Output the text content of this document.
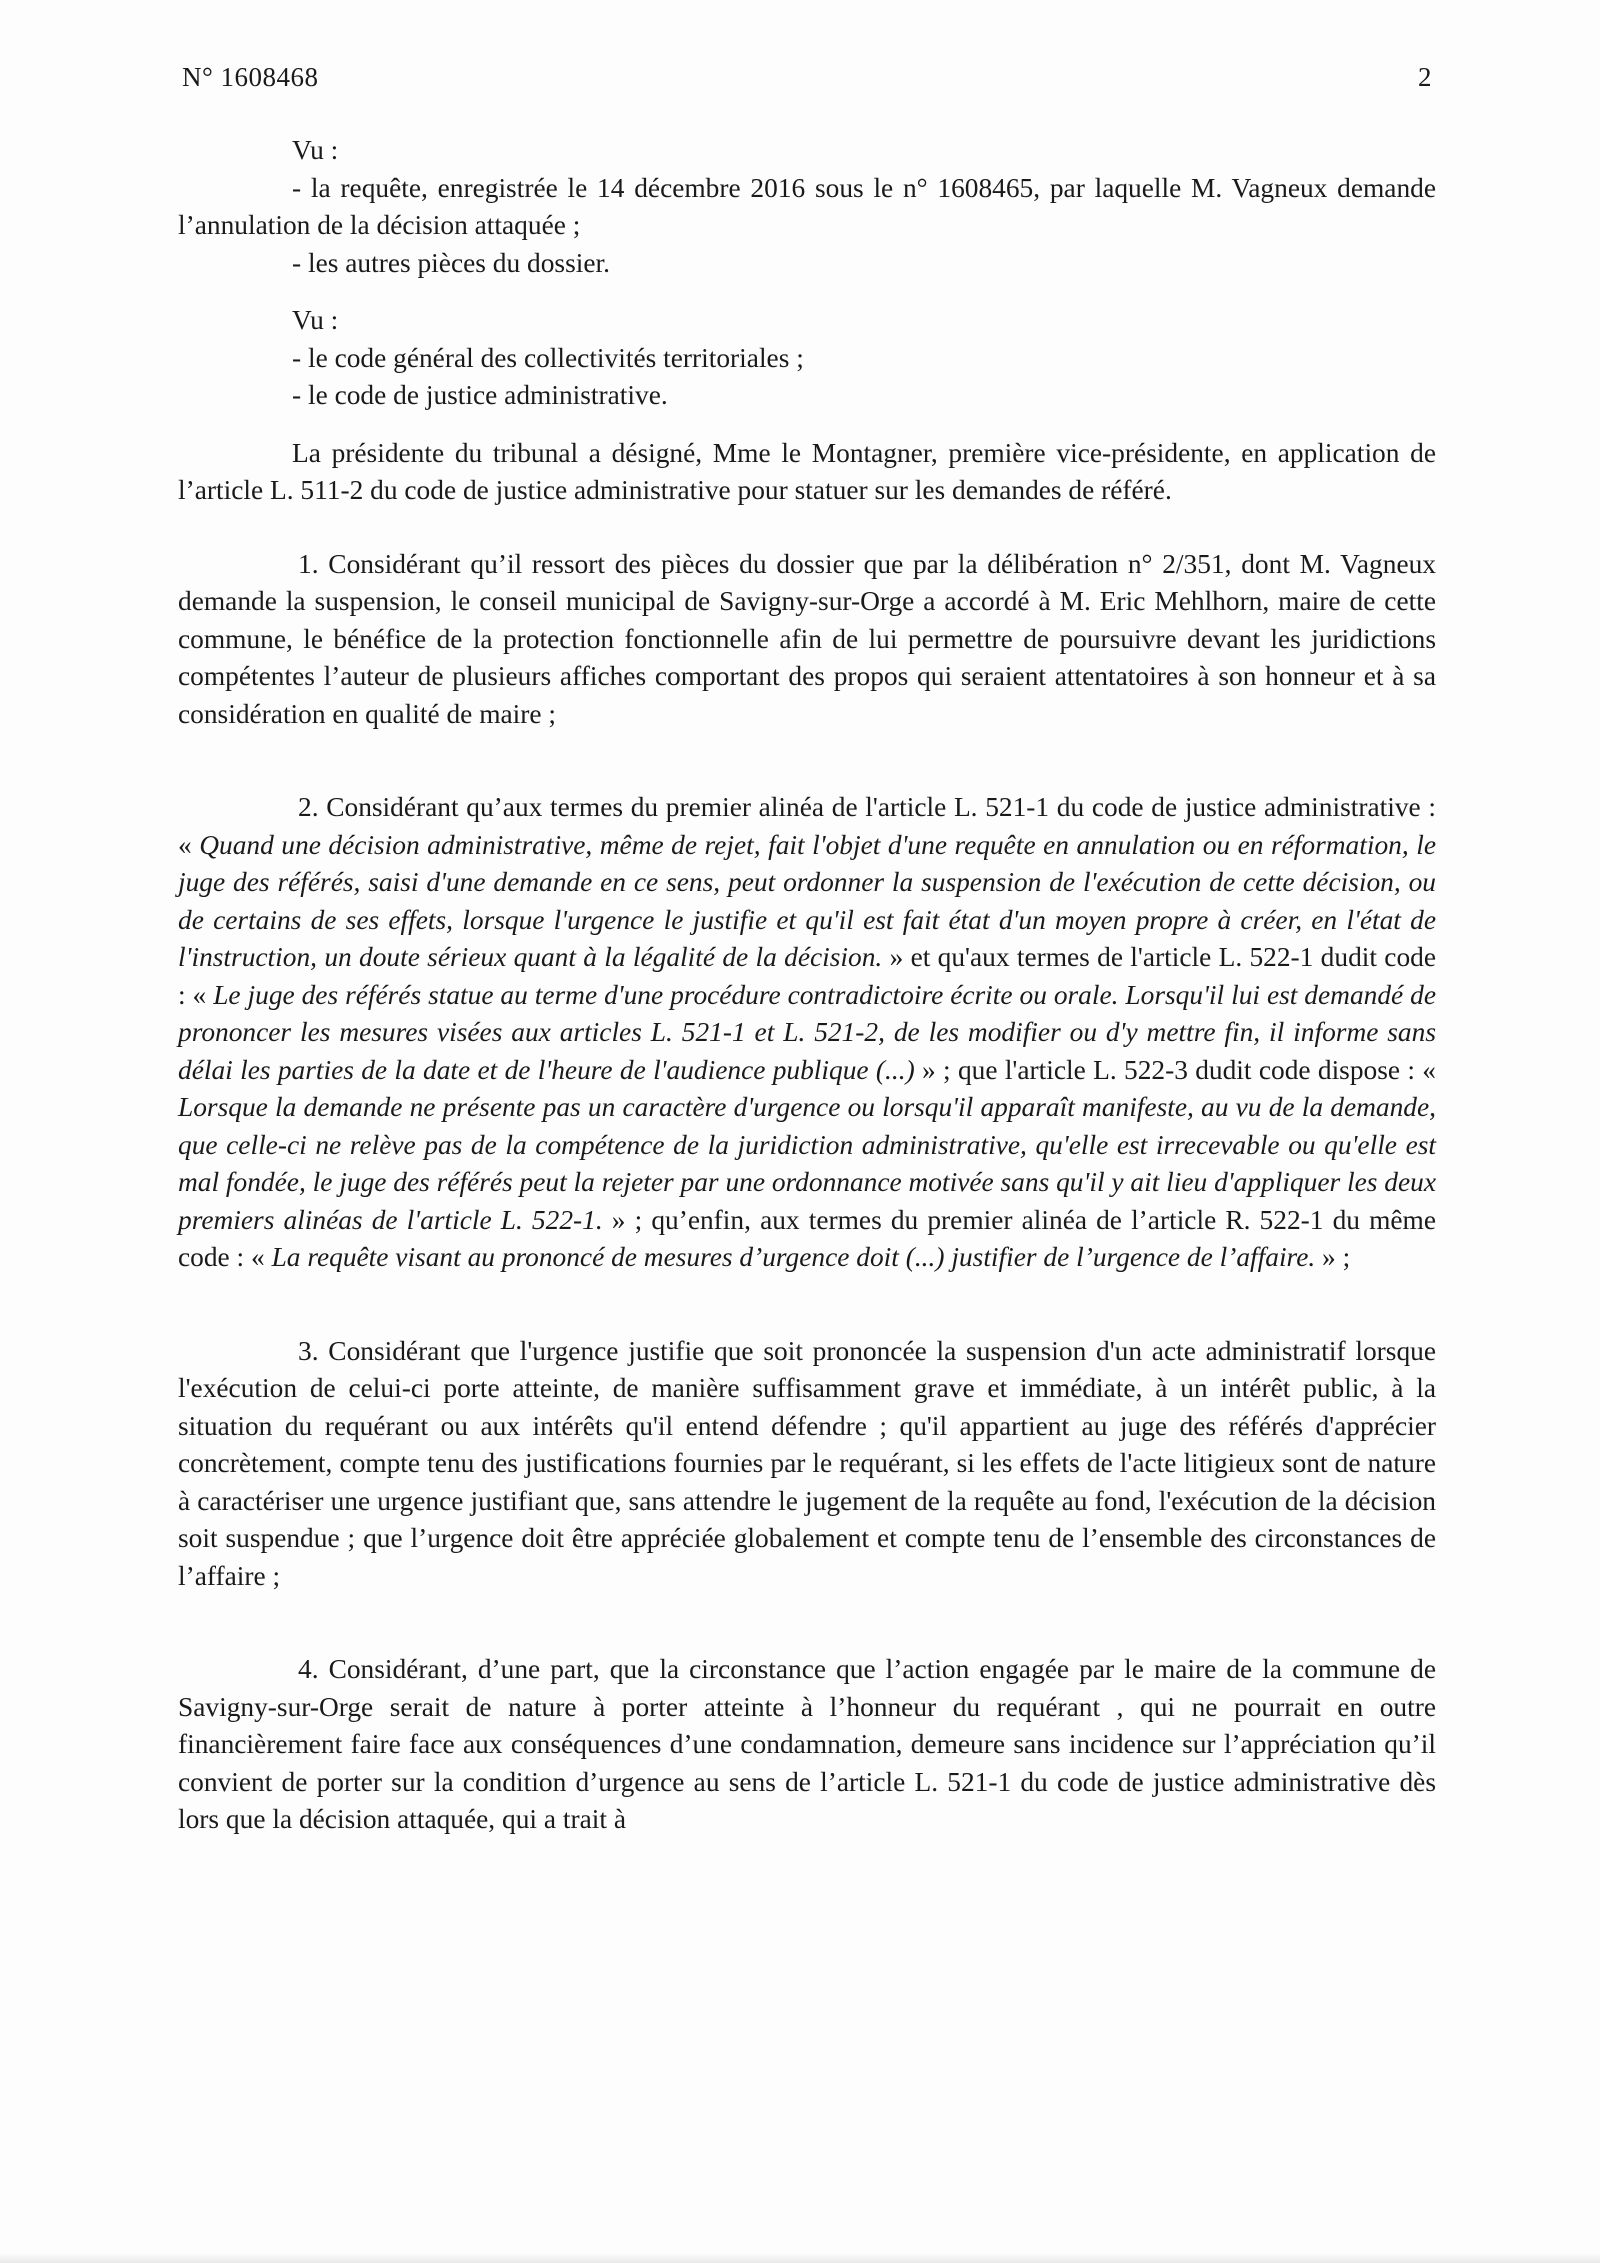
N° 1608468	2

Vu :

- la requête, enregistrée le 14 décembre 2016 sous le n° 1608465, par laquelle M. Vagneux demande l’annulation de la décision attaquée ;

- les autres pièces du dossier.

Vu :

- le code général des collectivités territoriales ;

- le code de justice administrative.

La présidente du tribunal a désigné, Mme le Montagner, première vice-présidente, en application de l’article L. 511-2 du code de justice administrative pour statuer sur les demandes de référé.

1. Considérant qu’il ressort des pièces du dossier que par la délibération n° 2/351, dont M. Vagneux demande la suspension, le conseil municipal de Savigny-sur-Orge a accordé à M. Eric Mehlhorn, maire de cette commune, le bénéfice de la protection fonctionnelle afin de lui permettre de poursuivre devant les juridictions compétentes l’auteur de plusieurs affiches comportant des propos qui seraient attentatoires à son honneur et à sa considération en qualité de maire ;

2. Considérant qu’aux termes du premier alinéa de l'article L. 521-1 du code de justice administrative : « Quand une décision administrative, même de rejet, fait l'objet d'une requête en annulation ou en réformation, le juge des référés, saisi d'une demande en ce sens, peut ordonner la suspension de l'exécution de cette décision, ou de certains de ses effets, lorsque l'urgence le justifie et qu'il est fait état d'un moyen propre à créer, en l'état de l'instruction, un doute sérieux quant à la légalité de la décision. » et qu'aux termes de l'article L. 522-1 dudit code : « Le juge des référés statue au terme d'une procédure contradictoire écrite ou orale. Lorsqu'il lui est demandé de prononcer les mesures visées aux articles L. 521-1 et L. 521-2, de les modifier ou d'y mettre fin, il informe sans délai les parties de la date et de l'heure de l'audience publique (...) » ; que l'article L. 522-3 dudit code dispose : « Lorsque la demande ne présente pas un caractère d'urgence ou lorsqu'il apparaît manifeste, au vu de la demande, que celle-ci ne relève pas de la compétence de la juridiction administrative, qu'elle est irrecevable ou qu'elle est mal fondée, le juge des référés peut la rejeter par une ordonnance motivée sans qu'il y ait lieu d'appliquer les deux premiers alinéas de l'article L. 522-1. » ; qu’enfin, aux termes du premier alinéa de l’article R. 522-1 du même code : « La requête visant au prononcé de mesures d’urgence doit (...) justifier de l’urgence de l’affaire. » ;

3. Considérant que l'urgence justifie que soit prononcée la suspension d'un acte administratif lorsque l'exécution de celui-ci porte atteinte, de manière suffisamment grave et immédiate, à un intérêt public, à la situation du requérant ou aux intérêts qu'il entend défendre ; qu'il appartient au juge des référés d'apprécier concrètement, compte tenu des justifications fournies par le requérant, si les effets de l'acte litigieux sont de nature à caractériser une urgence justifiant que, sans attendre le jugement de la requête au fond, l'exécution de la décision soit suspendue ; que l’urgence doit être appréciée globalement et compte tenu de l’ensemble des circonstances de l’affaire ;

4. Considérant, d’une part, que la circonstance que l’action engagée par le maire de la commune de Savigny-sur-Orge serait de nature à porter atteinte à l’honneur du requérant , qui ne pourrait en outre financièrement faire face aux conséquences d’une condamnation, demeure sans incidence sur l’appréciation qu’il convient de porter sur la condition d’urgence au sens de l’article L. 521-1 du code de justice administrative dès lors que la décision attaquée, qui a trait à
